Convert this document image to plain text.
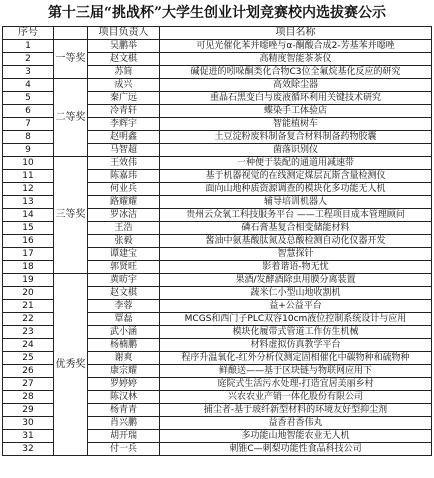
第十三届“挑战杯”大学生创业计划竞赛校内选拔赛公示
序号		项目负责人	项目名称
1	一等奖	吴鹏举	可见光催化苯并噁唑与α-酮酸合成2-芳基苯并噁唑
2		赵文棋	高精度智能茶茶仪
3		苏简	碱促进的吲哚酮类化合物C3位全氟烷基化反应的研究
4	二等奖	成兴	高效除尘器
5		秦广远	重晶石黑变白与废液循环利用关键技术研究
6		冷青轩	蝶染手工体验店
7		李辉宇	智能植树车
8		赵明鑫	土豆淀粉废料制备复合材料制备药物胶囊
9		马智超	菌落识别仪
10	三等奖	王效伟	一种便于装配的通道用减速带
11		陈嘉玮	基于机器视觉的在线测定煤层瓦斯含量检测仪
12		何业兵	面向山地种质资源调查的模块化多功能无人机
13		路耀耀	辅导培训机器人
14		罗冰洁	贵州云众氧工科技服务平台 ——工程项目成本管理顾问
15		王浩	磷石膏基复合相变储能材料
16		张毅	酱油中氨基酸肽氮及总酸检测自动化仪器开发
17		谭建宝	智慧探针
18		郭贤旺	影着谐语-物无忧
19	优秀奖	黄昉宇	果酒/发酵酒除虫用膜分离装置
20		赵文棋	蔬米仁小型山地收割机
21		李蓉	益+公益平台
22		覃磊	MCGS和西门子PLC双容10cm液位控制系统设计与应用
23		武小涵	模块化履带式管道工作仿生机械
24		杨楠鹏	材料虚拟仿真教学平台
25		谢爽	程序升温氧化-红外分析仪测定固相催化中碳物种和硫物种
26		康宗耀	鲜酿送——基于区块链与物联网应用下
27		罗婷婷	庭院式生活污水处理-打造宜居美丽乡村
28		陈汉林	兴农农业产销一体化股份有限公司
29		杨青青	捕尘者-基于玻纤新型材料的环境友好型抑尘剂
30		肖兴鹏	益香君香伟丸
31		胡开瑞	多功能山地智能农业无人机
32		付一兵	刺锥C—刺梨功能性食品科技公司
